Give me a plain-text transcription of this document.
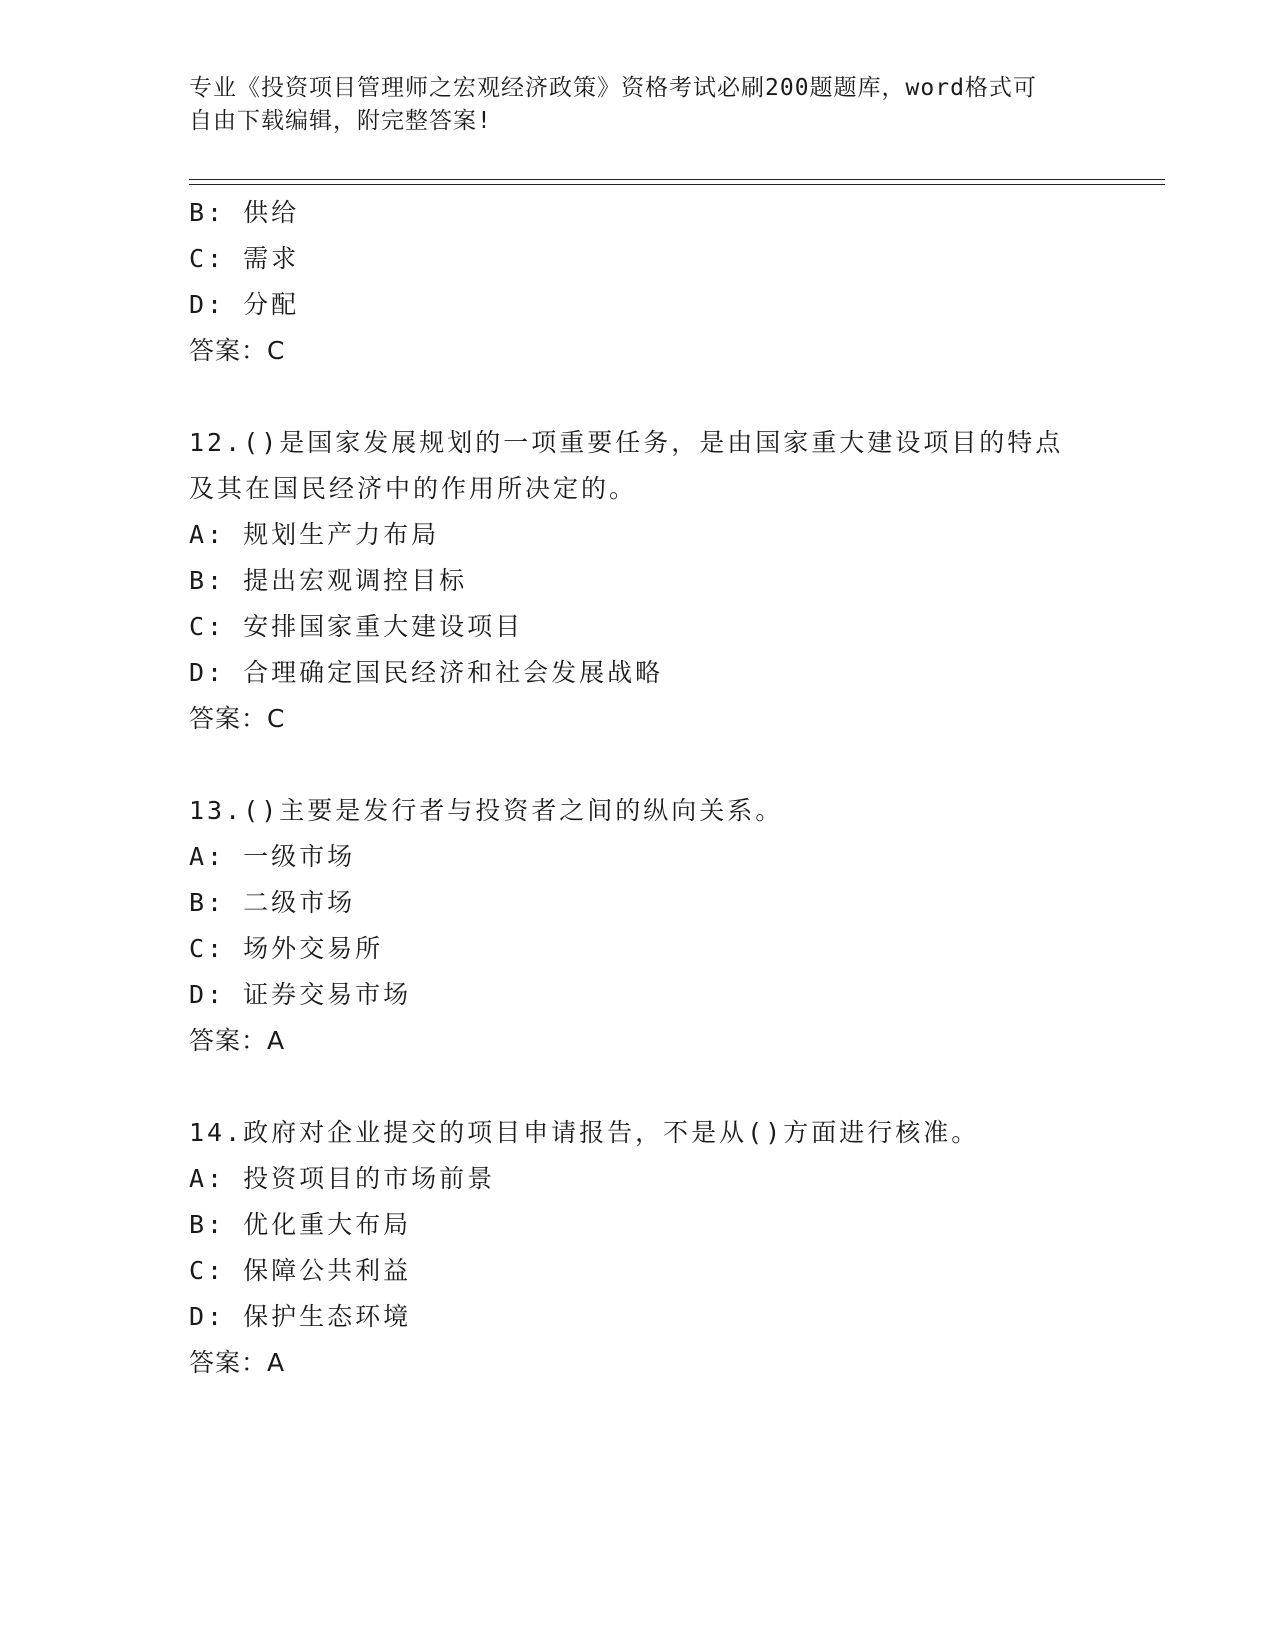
专业《投资项目管理师之宏观经济政策》资格考试必刷200题题库，word格式可
自由下载编辑，附完整答案!
B: 供给
C: 需求
D: 分配
答案：C
12.()是国家发展规划的一项重要任务，是由国家重大建设项目的特点
及其在国民经济中的作用所决定的。
A: 规划生产力布局
B: 提出宏观调控目标
C: 安排国家重大建设项目
D: 合理确定国民经济和社会发展战略
答案：C
13.()主要是发行者与投资者之间的纵向关系。
A: 一级市场
B: 二级市场
C: 场外交易所
D: 证券交易市场
答案：A
14.政府对企业提交的项目申请报告，不是从()方面进行核准。
A: 投资项目的市场前景
B: 优化重大布局
C: 保障公共利益
D: 保护生态环境
答案：A
